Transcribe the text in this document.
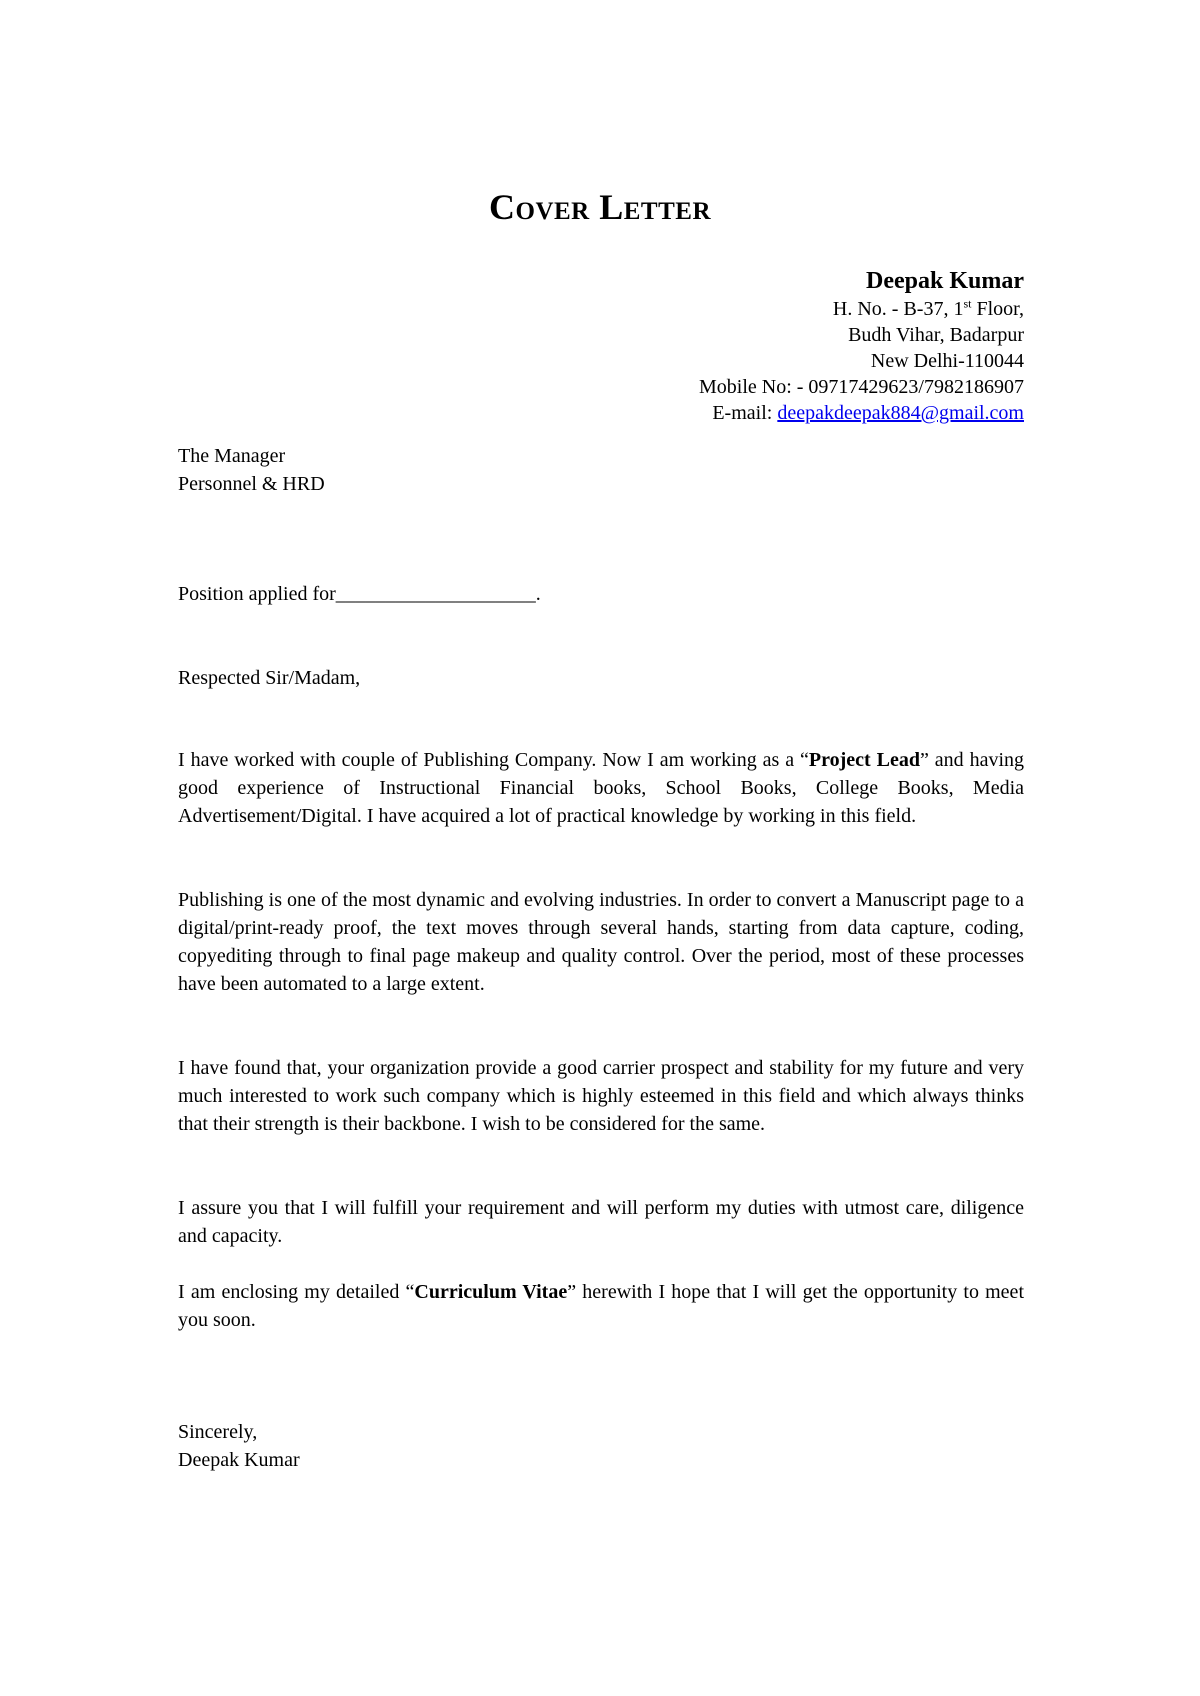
Cover Letter
Deepak Kumar
H. No. - B-37, 1st Floor,
Budh Vihar, Badarpur
New Delhi-110044
Mobile No: - 09717429623/7982186907
E-mail: deepakdeepak884@gmail.com
The Manager
Personnel & HRD
Position applied for____________________.
Respected Sir/Madam,
I have worked with couple of Publishing Company. Now I am working as a “Project Lead” and having good experience of Instructional Financial books, School Books, College Books, Media Advertisement/Digital. I have acquired a lot of practical knowledge by working in this field.
Publishing is one of the most dynamic and evolving industries. In order to convert a Manuscript page to a digital/print-ready proof, the text moves through several hands, starting from data capture, coding, copyediting through to final page makeup and quality control. Over the period, most of these processes have been automated to a large extent.
I have found that, your organization provide a good carrier prospect and stability for my future and very much interested to work such company which is highly esteemed in this field and which always thinks that their strength is their backbone. I wish to be considered for the same.
I assure you that I will fulfill your requirement and will perform my duties with utmost care, diligence and capacity.
I am enclosing my detailed “Curriculum Vitae” herewith I hope that I will get the opportunity to meet you soon.
Sincerely,
Deepak Kumar
